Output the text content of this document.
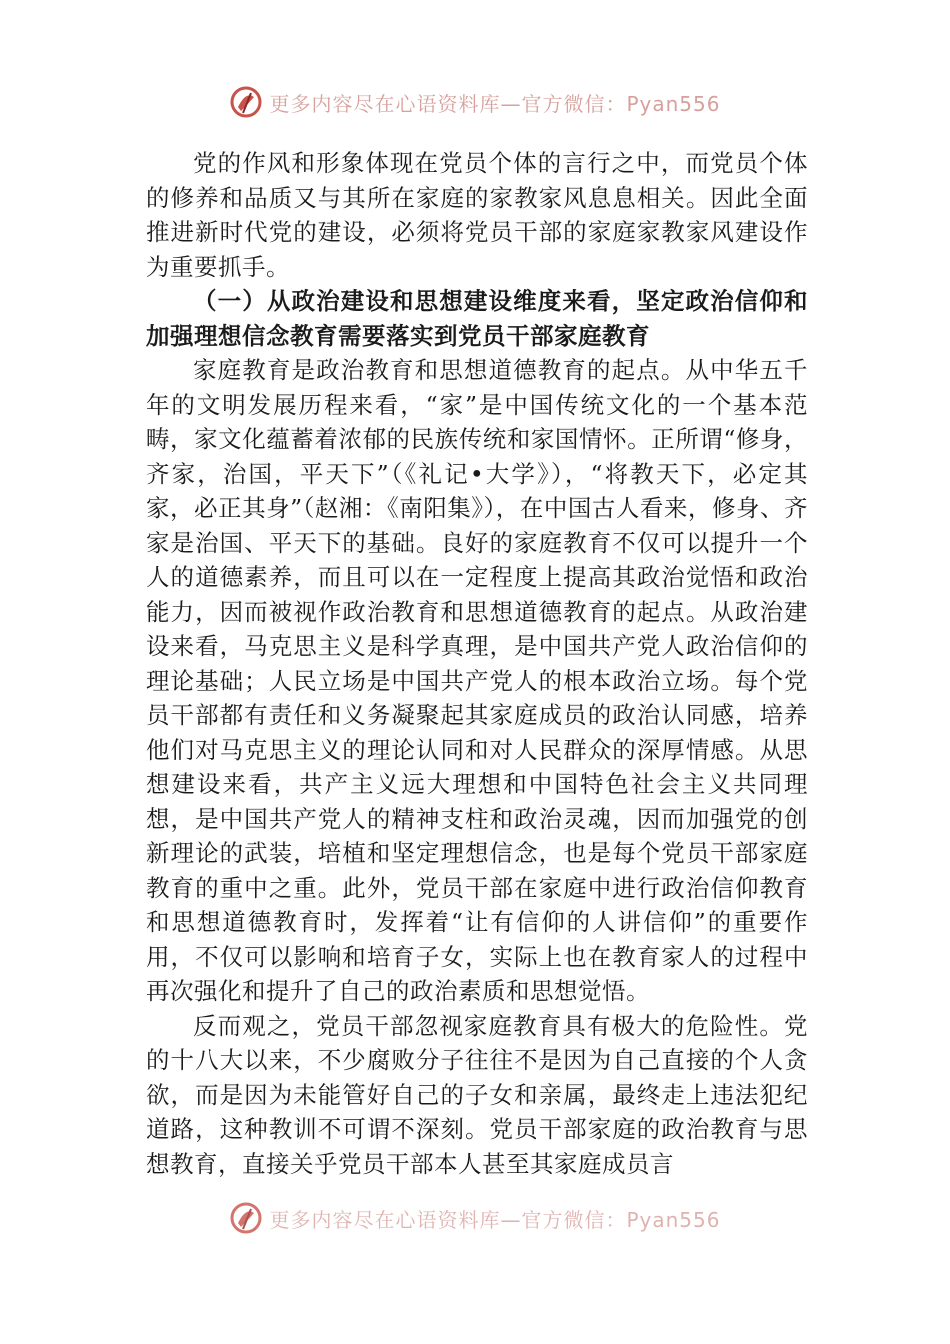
更多内容尽在心语资料库—官方微信：Pyan556

党的作风和形象体现在党员个体的言行之中，而党员个体的修养和品质又与其所在家庭的家教家风息息相关。因此全面推进新时代党的建设，必须将党员干部的家庭家教家风建设作为重要抓手。

（一）从政治建设和思想建设维度来看，坚定政治信仰和加强理想信念教育需要落实到党员干部家庭教育

家庭教育是政治教育和思想道德教育的起点。从中华五千年的文明发展历程来看，“家”是中国传统文化的一个基本范畴，家文化蕴蓄着浓郁的民族传统和家国情怀。正所谓“修身，齐家，治国，平天下”（《礼记•大学》），“将教天下，必定其家，必正其身”（赵湘：《南阳集》），在中国古人看来，修身、齐家是治国、平天下的基础。良好的家庭教育不仅可以提升一个人的道德素养，而且可以在一定程度上提高其政治觉悟和政治能力，因而被视作政治教育和思想道德教育的起点。从政治建设来看，马克思主义是科学真理，是中国共产党人政治信仰的理论基础；人民立场是中国共产党人的根本政治立场。每个党员干部都有责任和义务凝聚起其家庭成员的政治认同感，培养他们对马克思主义的理论认同和对人民群众的深厚情感。从思想建设来看，共产主义远大理想和中国特色社会主义共同理想，是中国共产党人的精神支柱和政治灵魂，因而加强党的创新理论的武装，培植和坚定理想信念，也是每个党员干部家庭教育的重中之重。此外，党员干部在家庭中进行政治信仰教育和思想道德教育时，发挥着“让有信仰的人讲信仰”的重要作用，不仅可以影响和培育子女，实际上也在教育家人的过程中再次强化和提升了自己的政治素质和思想觉悟。

反而观之，党员干部忽视家庭教育具有极大的危险性。党的十八大以来，不少腐败分子往往不是因为自己直接的个人贪欲，而是因为未能管好自己的子女和亲属，最终走上违法犯纪道路，这种教训不可谓不深刻。党员干部家庭的政治教育与思想教育，直接关乎党员干部本人甚至其家庭成员言

更多内容尽在心语资料库—官方微信：Pyan556
